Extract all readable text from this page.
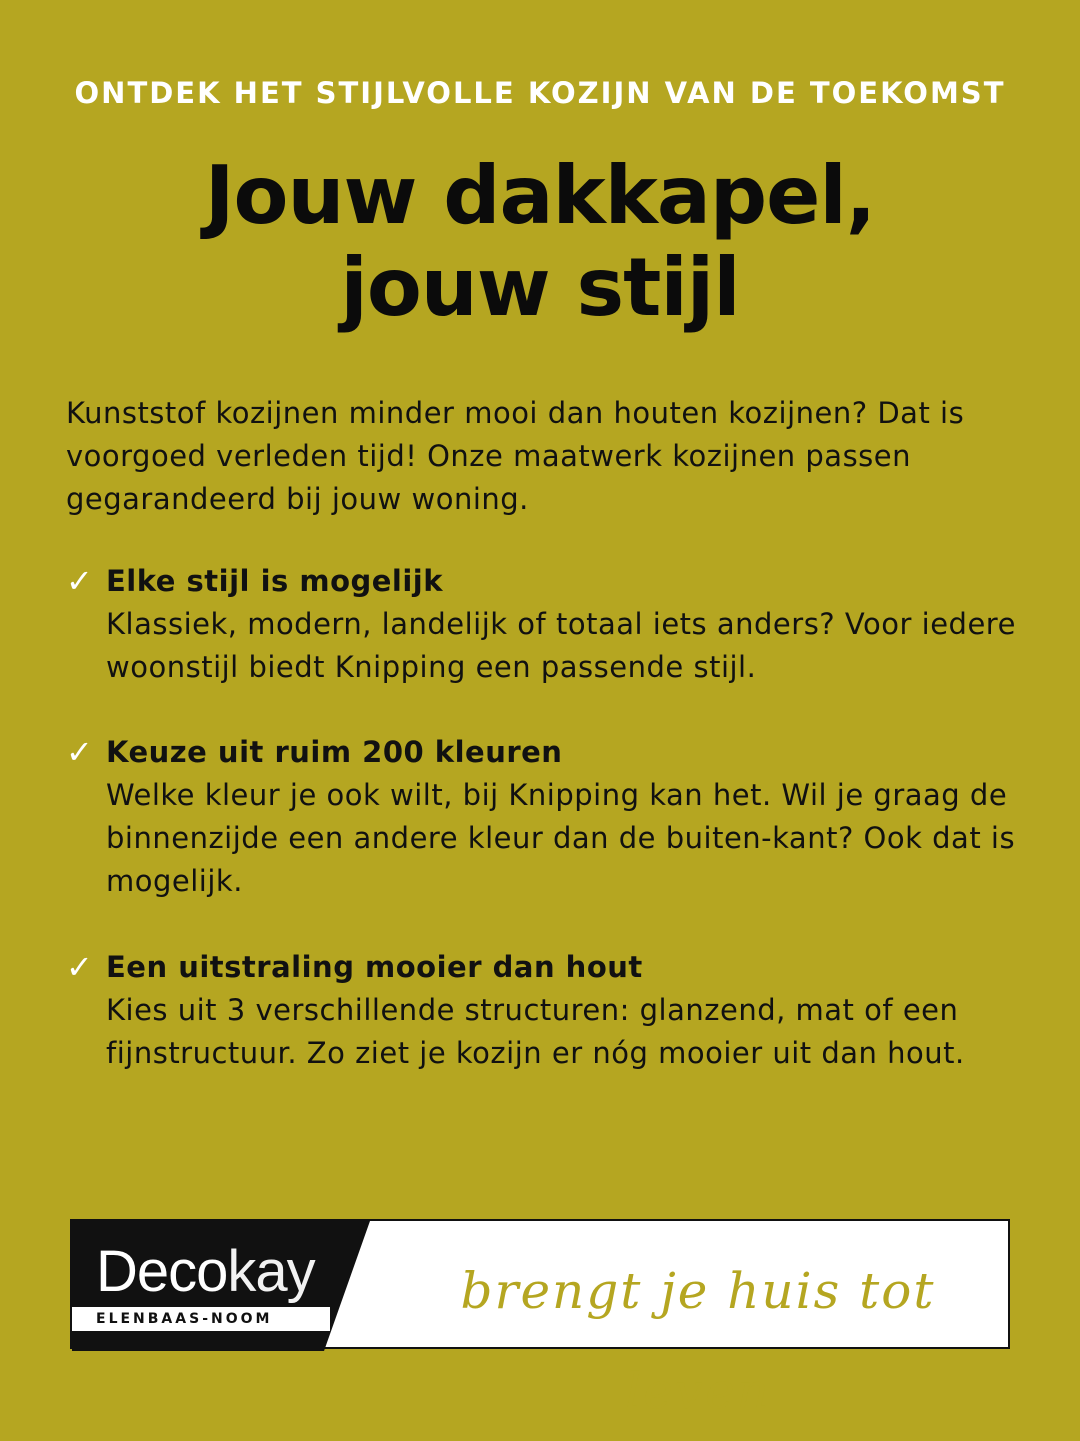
ONTDEK HET STIJLVOLLE KOZIJN VAN DE TOEKOMST
Jouw dakkapel,
jouw stijl
Kunststof kozijnen minder mooi dan houten kozijnen? Dat is voorgoed verleden tijd! Onze maatwerk kozijnen passen gegarandeerd bij jouw woning.
✓ Elke stijl is mogelijk
Klassiek, modern, landelijk of totaal iets anders? Voor iedere woonstijl biedt Knipping een passende stijl.
✓ Keuze uit ruim 200 kleuren
Welke kleur je ook wilt, bij Knipping kan het. Wil je graag de binnenzijde een andere kleur dan de buiten-kant? Ook dat is mogelijk.
✓ Een uitstraling mooier dan hout
Kies uit 3 verschillende structuren: glanzend, mat of een fijnstructuur. Zo ziet je kozijn er nóg mooier uit dan hout.
Decokay
ELENBAAS-NOOM	brengt je huis tot leven
